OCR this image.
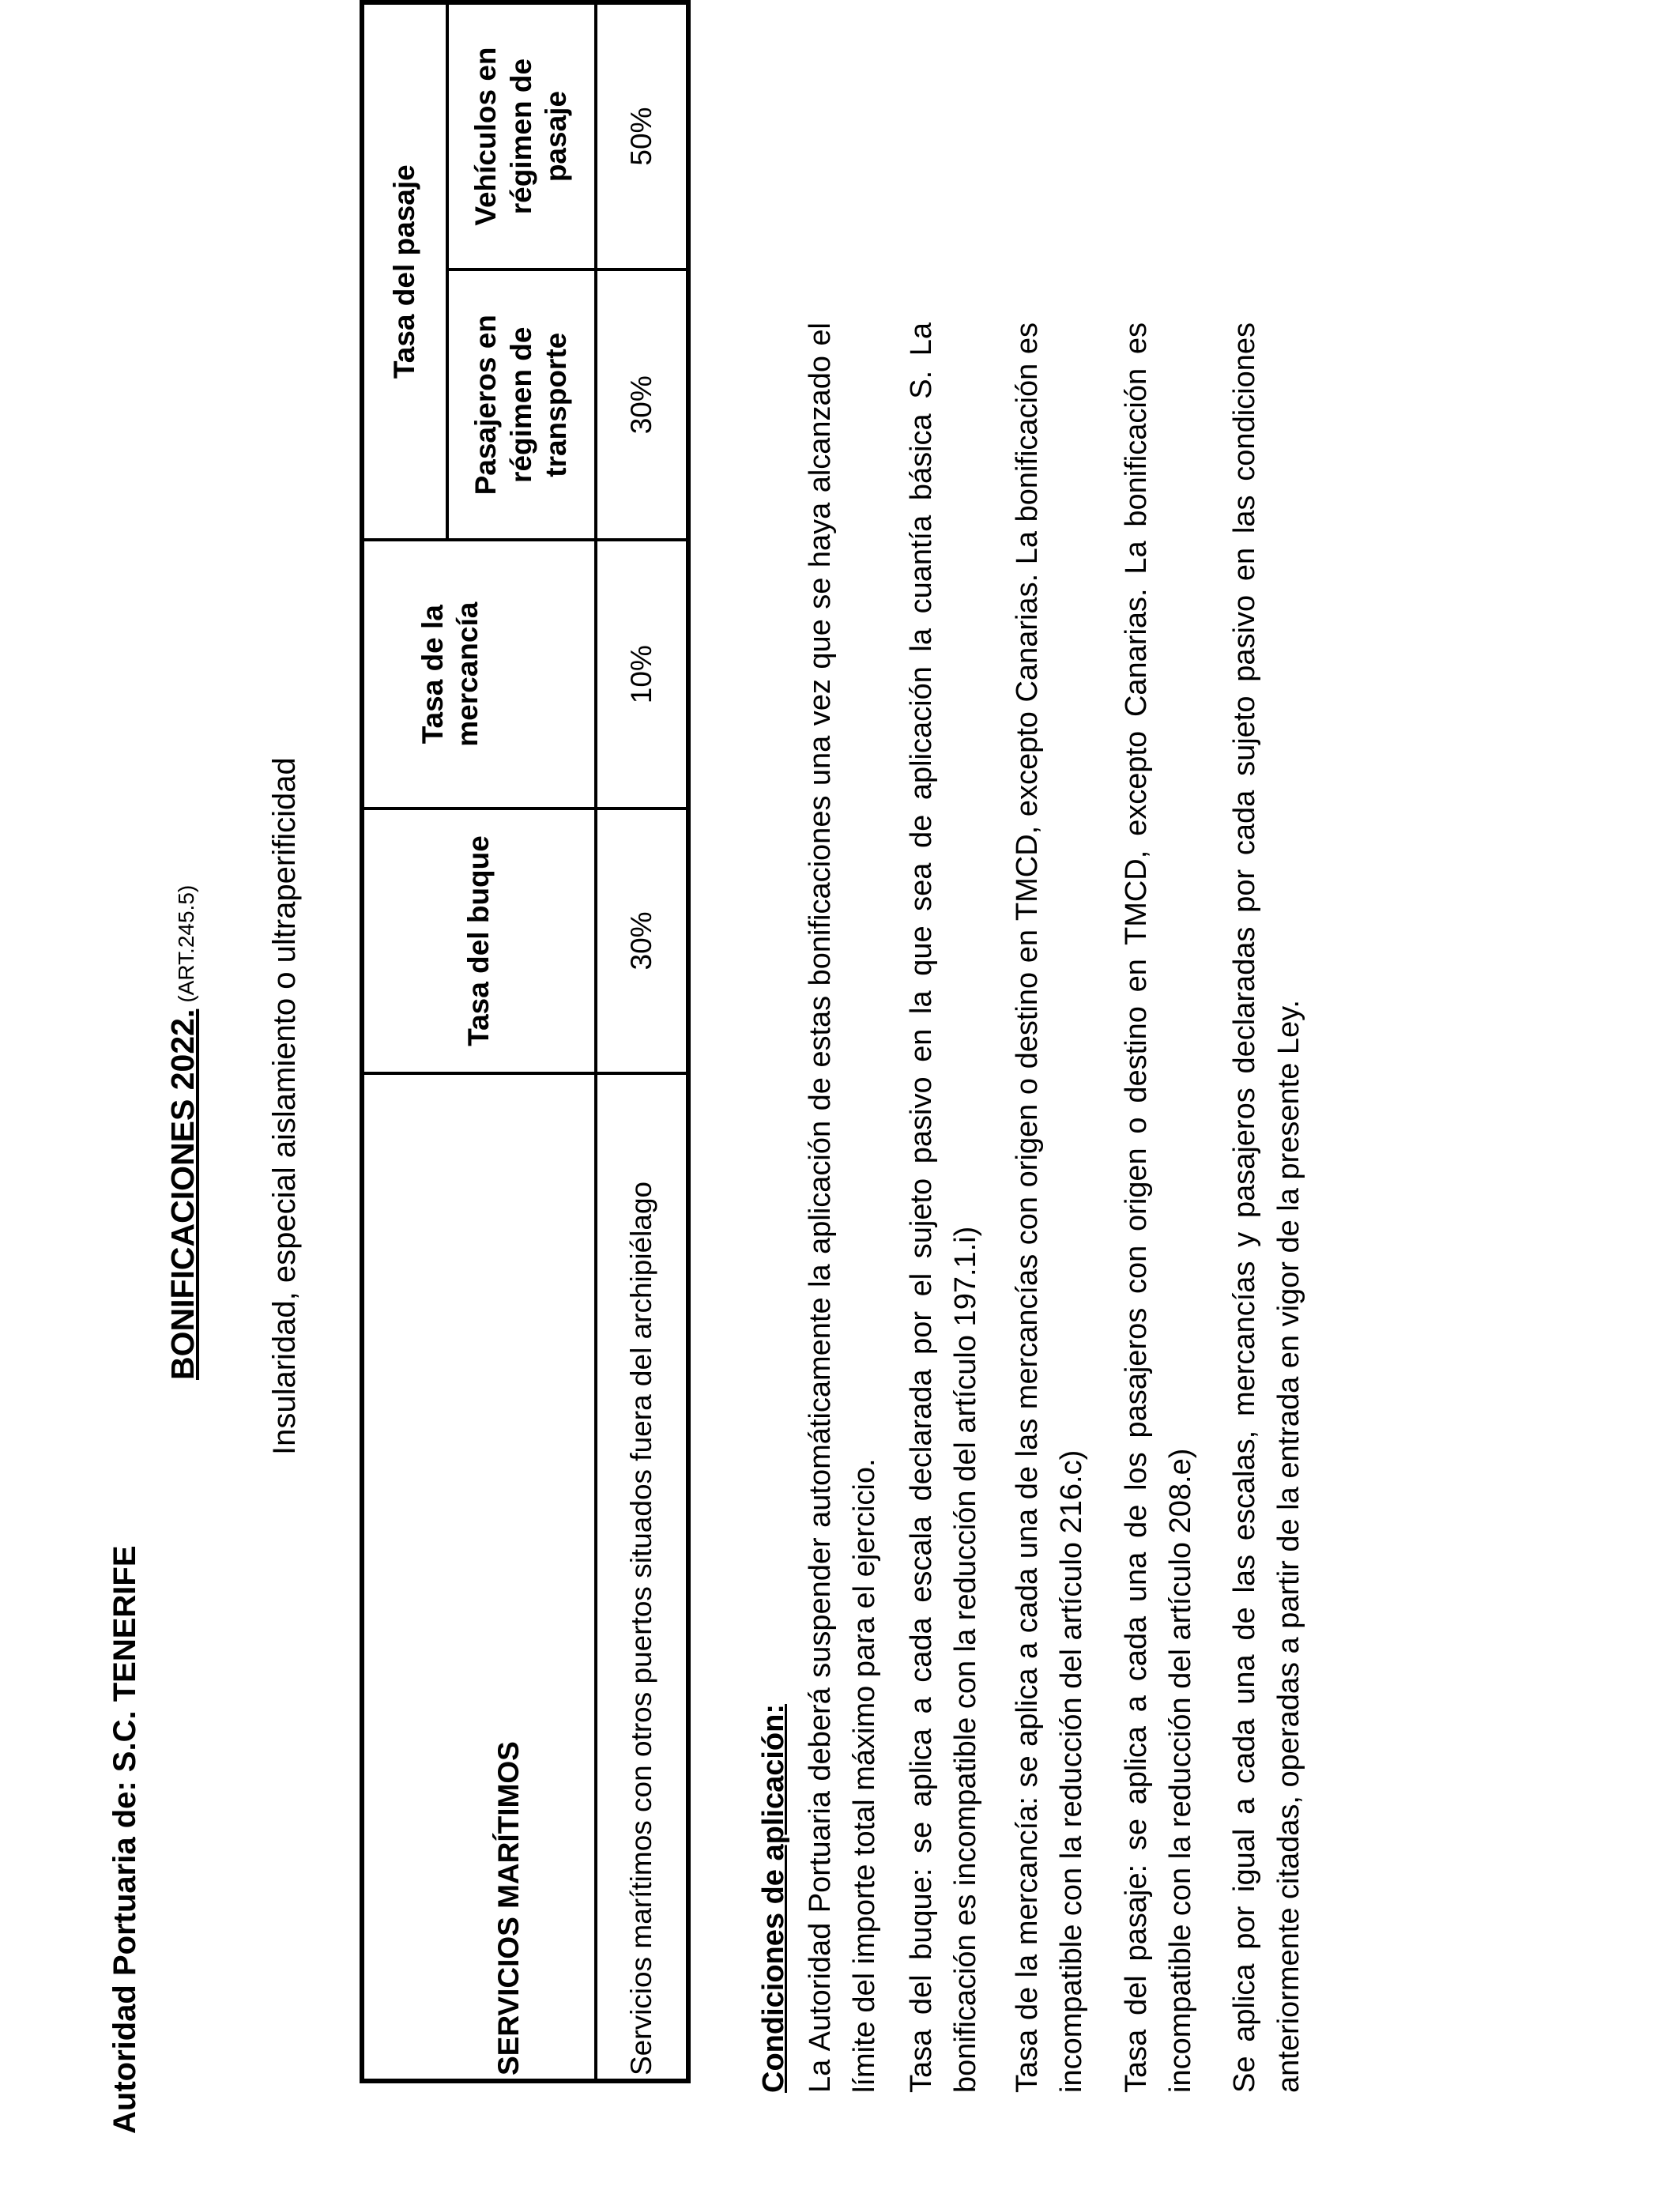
Autoridad Portuaria de: S.C. TENERIFE
BONIFICACIONES 2022.(ART.245.5) Insularidad, especial aislamiento o ultraperificidad
SERVICIOS MARÍTIMOS	Tasa del buque	Tasa de la mercancía	Tasa del pasaje	
			Pasajeros en régimen de transporte	Vehículos en régimen de pasaje
Servicios marítimos con otros puertos situados fuera del archipiélago	30%	10%	30%	50%
Condiciones de aplicación: La Autoridad Portuaria deberá suspender automáticamente la aplicación de estas bonificaciones una vez que se haya alcanzado el límite del importe total máximo para el ejercicio. Tasa del buque: se aplica a cada escala declarada por el sujeto pasivo en la que sea de aplicación la cuantía básica S. La bonificación es incompatible con la reducción del artículo 197.1.i) Tasa de la mercancía: se aplica a cada una de las mercancías con origen o destino en TMCD, excepto Canarias. La bonificación es incompatible con la reducción del artículo 216.c) Tasa del pasaje: se aplica a cada una de los pasajeros con origen o destino en TMCD, excepto Canarias. La bonificación es incompatible con la reducción del artículo 208.e) Se aplica por igual a cada una de las escalas, mercancías y pasajeros declaradas por cada sujeto pasivo en las condiciones anteriormente citadas, operadas a partir de la entrada en vigor de la presente Ley.
